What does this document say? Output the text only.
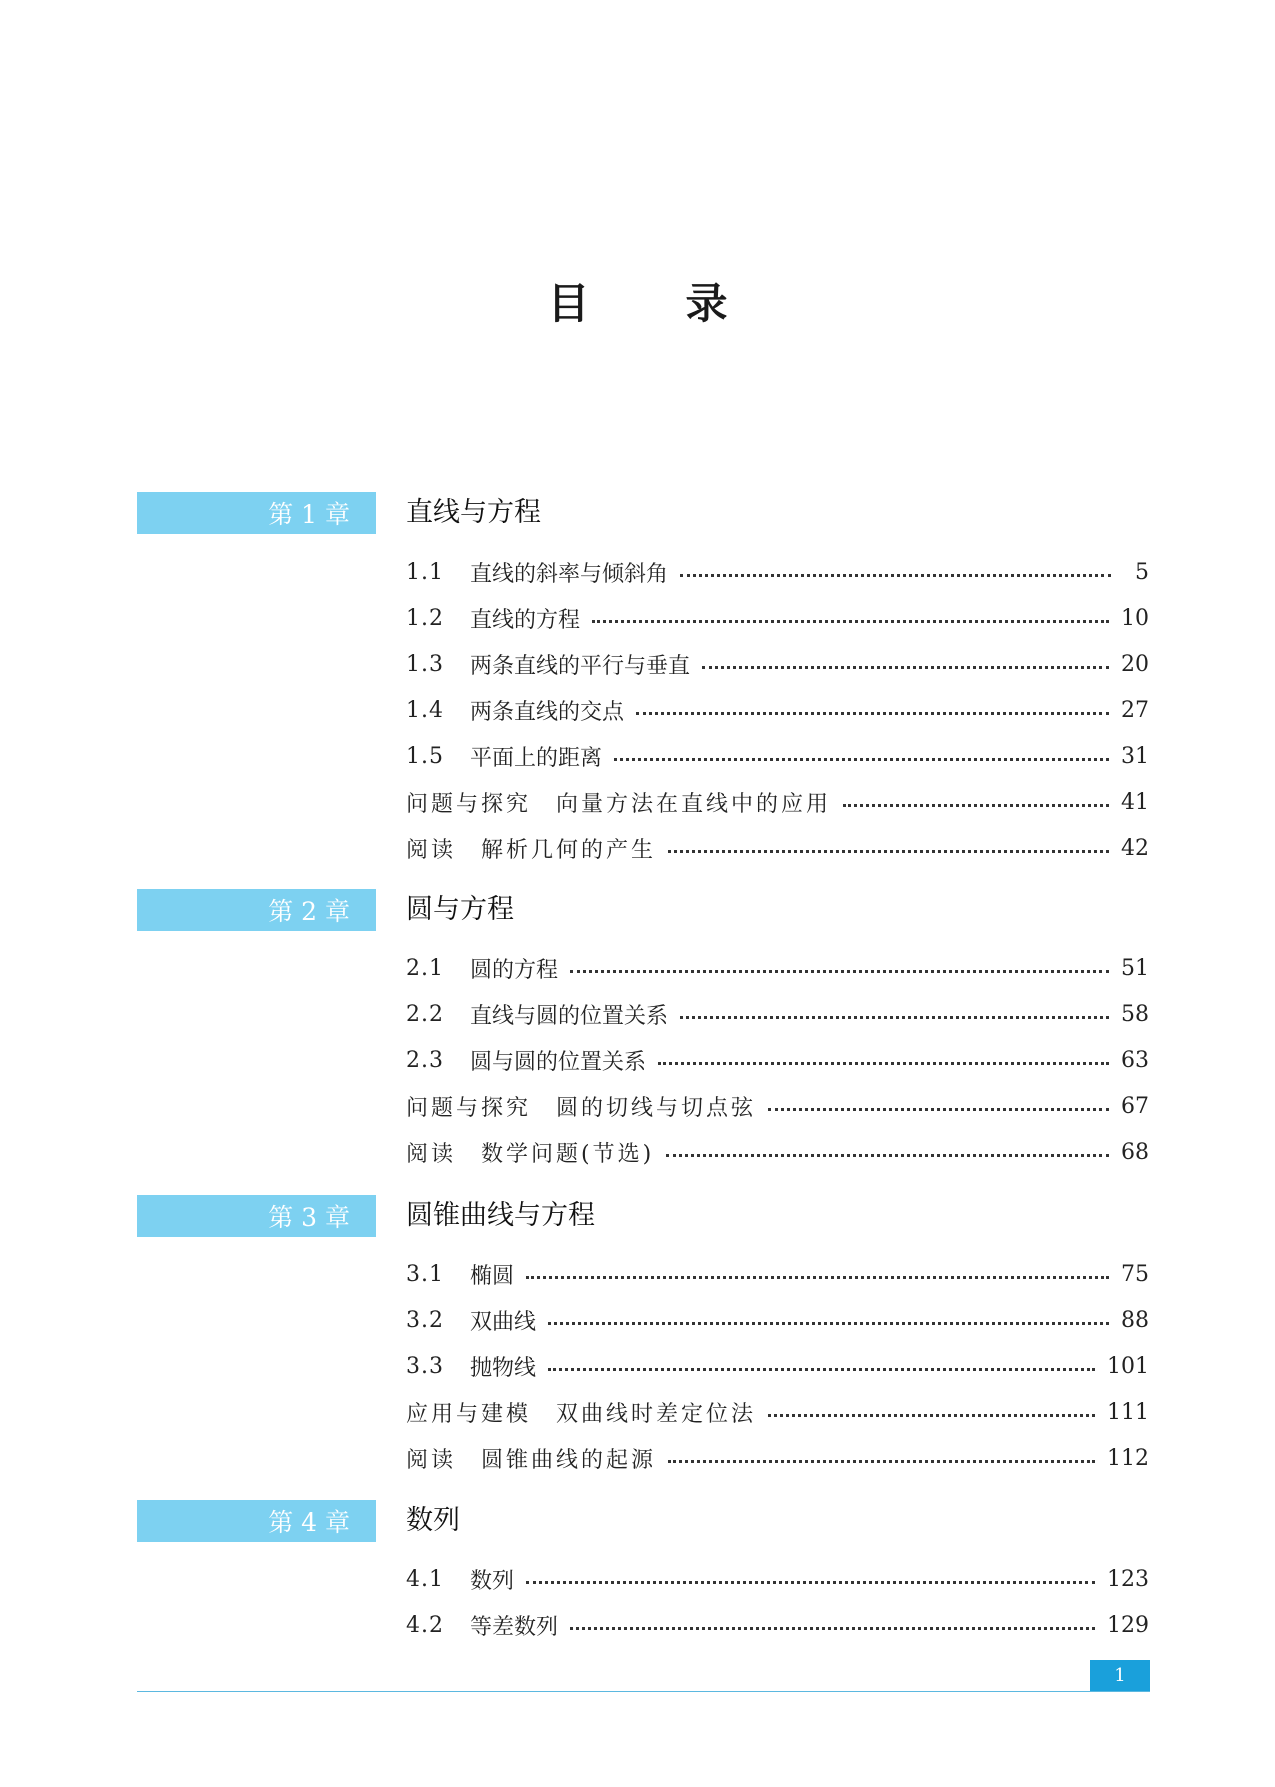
目 录
第 1 章	直线与方程
1.1	直线的斜率与倾斜角	5
1.2	直线的方程	10
1.3	两条直线的平行与垂直	20
1.4	两条直线的交点	27
1.5	平面上的距离	31
问题与探究　向量方法在直线中的应用	41
阅读　解析几何的产生	42
第 2 章	圆与方程
2.1	圆的方程	51
2.2	直线与圆的位置关系	58
2.3	圆与圆的位置关系	63
问题与探究　圆的切线与切点弦	67
阅读　数学问题(节选)	68
第 3 章	圆锥曲线与方程
3.1	椭圆	75
3.2	双曲线	88
3.3	抛物线	101
应用与建模　双曲线时差定位法	111
阅读　圆锥曲线的起源	112
第 4 章	数列
4.1	数列	123
4.2	等差数列	129
1
